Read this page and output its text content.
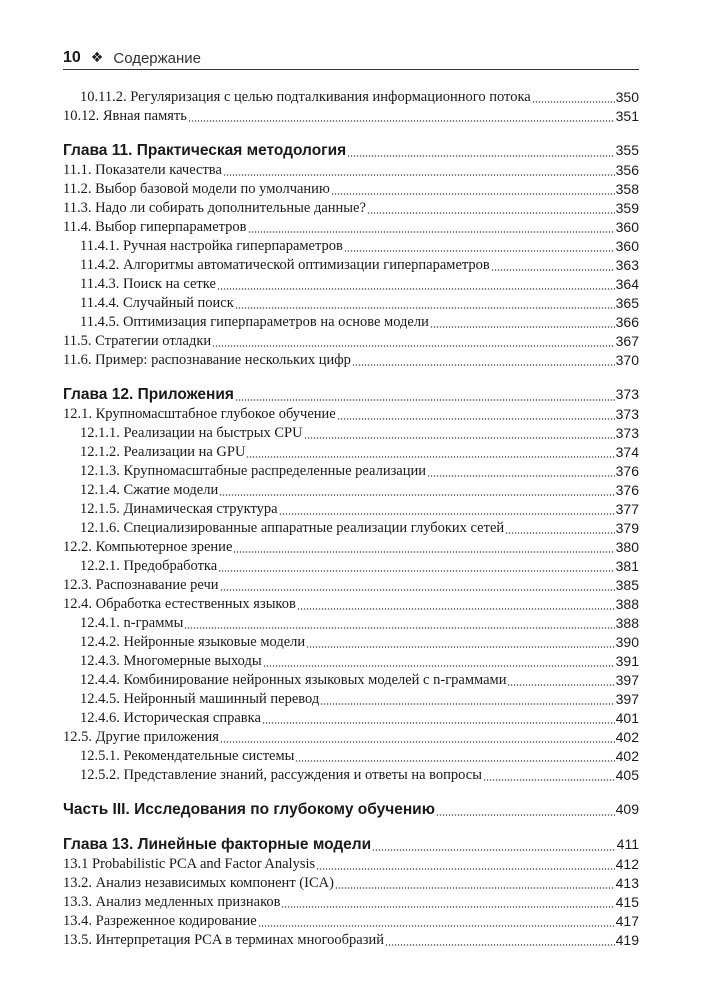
10 ❖ Содержание
10.11.2. Регуляризация с целью подталкивания информационного потока	350
10.12. Явная память	351
Глава 11. Практическая методология	355
11.1. Показатели качества	356
11.2. Выбор базовой модели по умолчанию	358
11.3. Надо ли собирать дополнительные данные?	359
11.4. Выбор гиперпараметров	360
11.4.1. Ручная настройка гиперпараметров	360
11.4.2. Алгоритмы автоматической оптимизации гиперпараметров	363
11.4.3. Поиск на сетке	364
11.4.4. Случайный поиск	365
11.4.5. Оптимизация гиперпараметров на основе модели	366
11.5. Стратегии отладки	367
11.6. Пример: распознавание нескольких цифр	370
Глава 12. Приложения	373
12.1. Крупномасштабное глубокое обучение	373
12.1.1. Реализации на быстрых CPU	373
12.1.2. Реализации на GPU	374
12.1.3. Крупномасштабные распределенные реализации	376
12.1.4. Сжатие модели	376
12.1.5. Динамическая структура	377
12.1.6. Специализированные аппаратные реализации глубоких сетей	379
12.2. Компьютерное зрение	380
12.2.1. Предобработка	381
12.3. Распознавание речи	385
12.4. Обработка естественных языков	388
12.4.1. n-граммы	388
12.4.2. Нейронные языковые модели	390
12.4.3. Многомерные выходы	391
12.4.4. Комбинирование нейронных языковых моделей с n-граммами	397
12.4.5. Нейронный машинный перевод	397
12.4.6. Историческая справка	401
12.5. Другие приложения	402
12.5.1. Рекомендательные системы	402
12.5.2. Представление знаний, рассуждения и ответы на вопросы	405
Часть III. Исследования по глубокому обучению	409
Глава 13. Линейные факторные модели	411
13.1 Probabilistic PCA and Factor Analysis	412
13.2. Анализ независимых компонент (ICA)	413
13.3. Анализ медленных признаков	415
13.4. Разреженное кодирование	417
13.5. Интерпретация PCA в терминах многообразий	419
